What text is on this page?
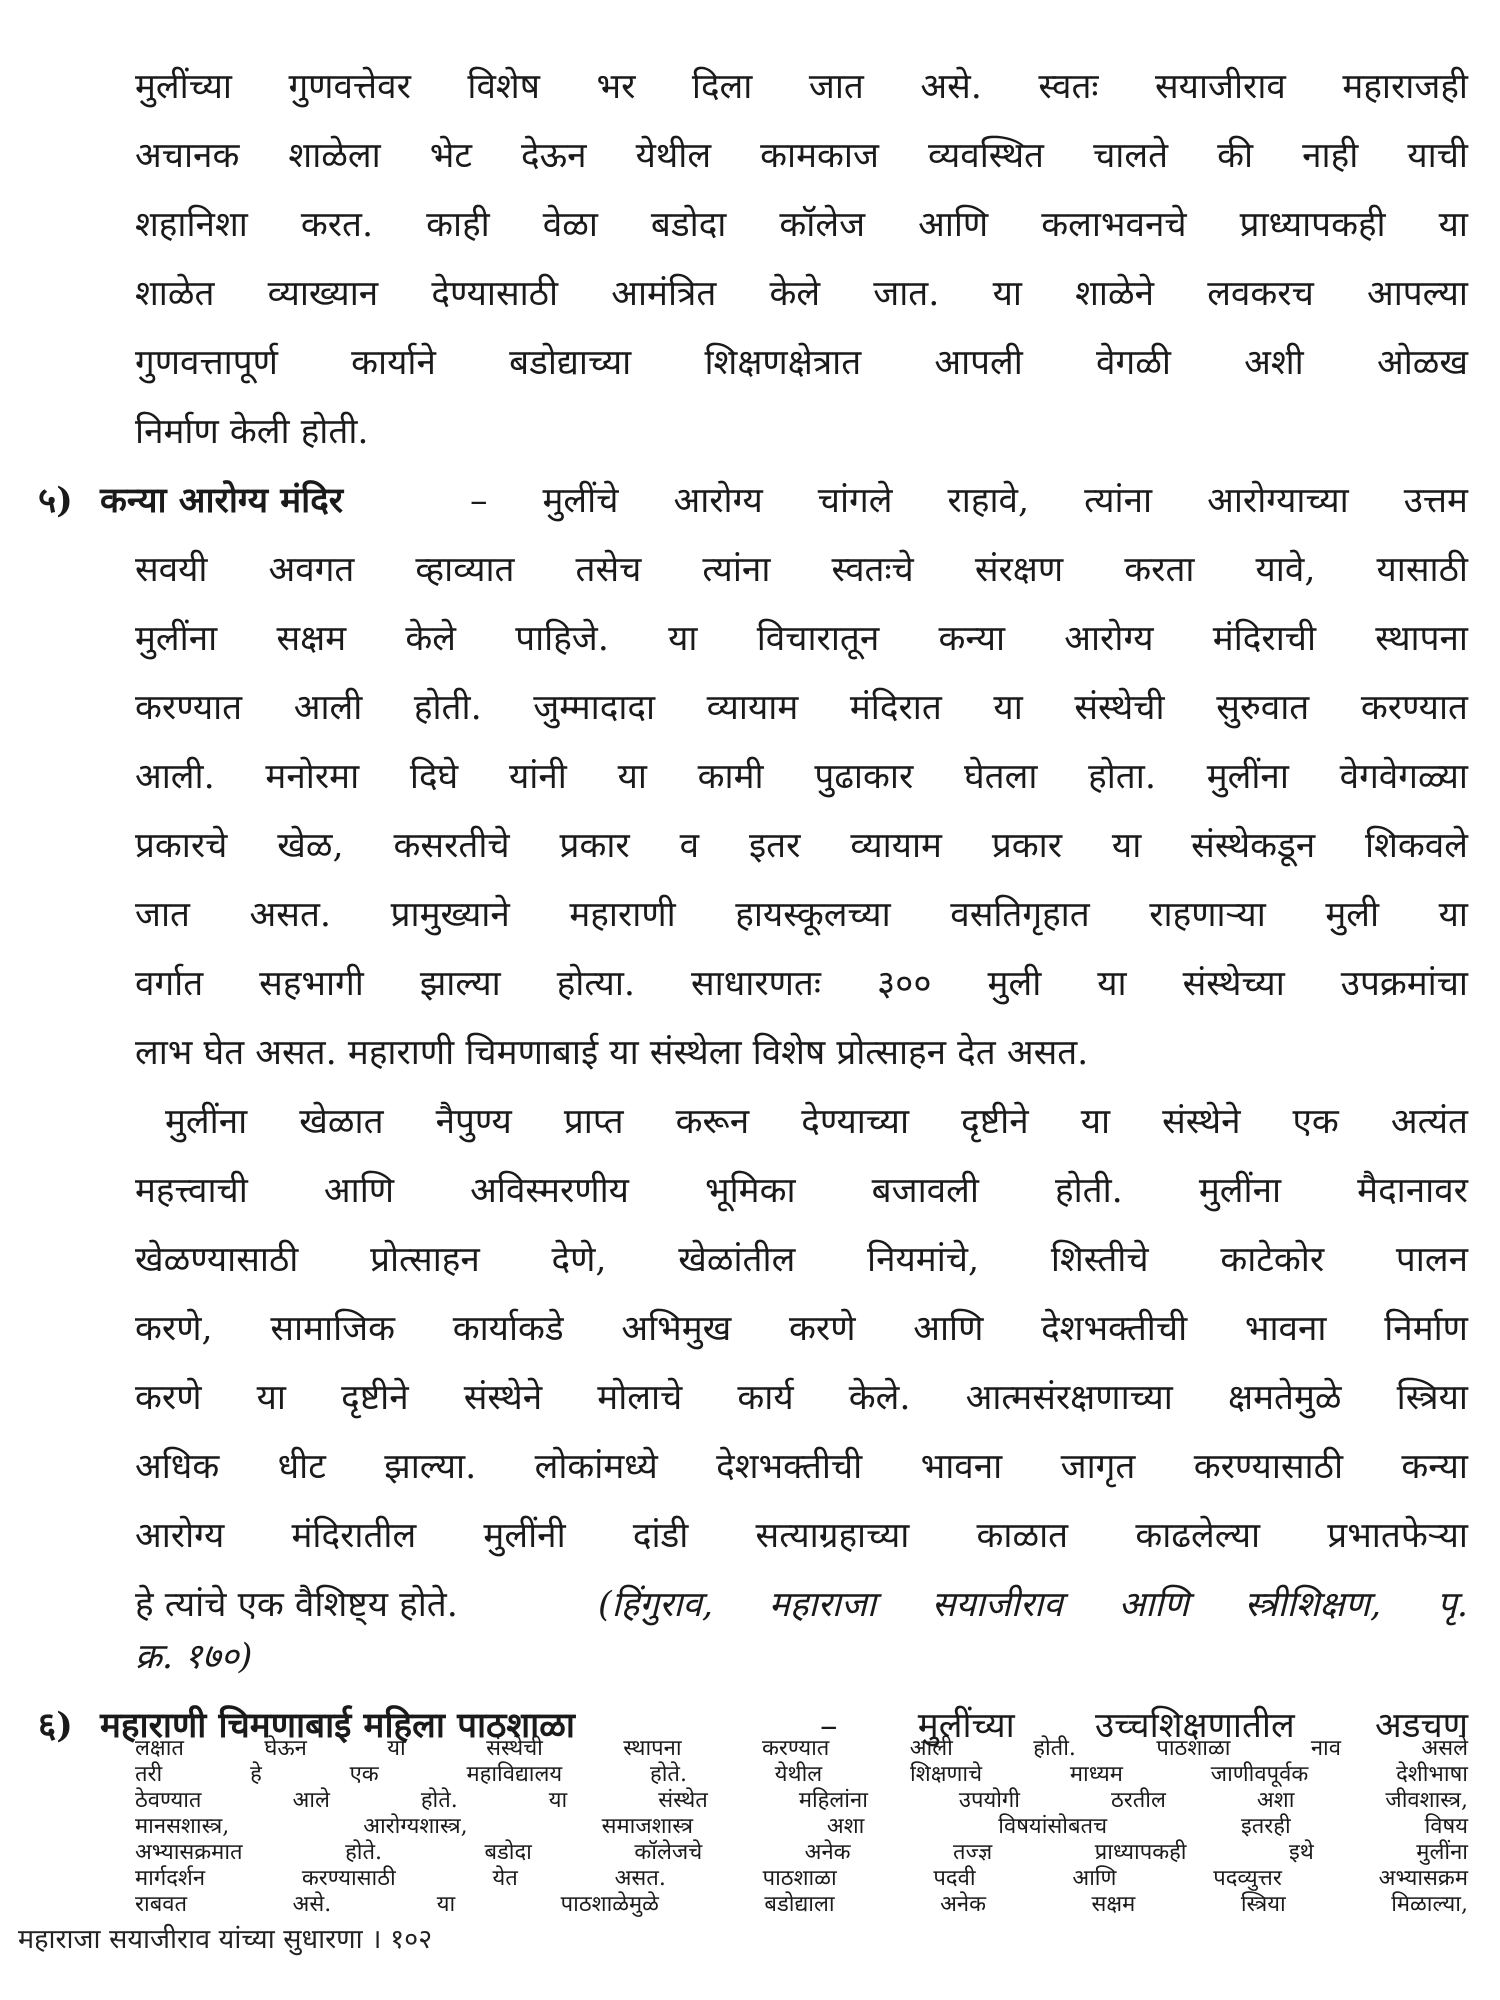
मुलींच्या गुणवत्तेवर विशेष भर दिला जात असे. स्वतः सयाजीराव महाराजही
अचानक शाळेला भेट देऊन येथील कामकाज व्यवस्थित चालते की नाही याची
शहानिशा करत. काही वेळा बडोदा कॉलेज आणि कलाभवनचे प्राध्यापकही या
शाळेत व्याख्यान देण्यासाठी आमंत्रित केले जात. या शाळेने लवकरच आपल्या
गुणवत्तापूर्ण कार्याने बडोद्याच्या शिक्षणक्षेत्रात आपली वेगळी अशी ओळख
निर्माण केली होती.
५) कन्या आरोग्य मंदिर	– मुलींचे आरोग्य चांगले राहावे, त्यांना आरोग्याच्या उत्तम
सवयी अवगत व्हाव्यात तसेच त्यांना स्वतःचे संरक्षण करता यावे, यासाठी
मुलींना सक्षम केले पाहिजे. या विचारातून कन्या आरोग्य मंदिराची स्थापना
करण्यात आली होती. जुम्मादादा व्यायाम मंदिरात या संस्थेची सुरुवात करण्यात
आली. मनोरमा दिघे यांनी या कामी पुढाकार घेतला होता. मुलींना वेगवेगळ्या
प्रकारचे खेळ, कसरतीचे प्रकार व इतर व्यायाम प्रकार या संस्थेकडून शिकवले
जात असत. प्रामुख्याने महाराणी हायस्कूलच्या वसतिगृहात राहणाऱ्या मुली या
वर्गात सहभागी झाल्या होत्या. साधारणतः ३०० मुली या संस्थेच्या उपक्रमांचा
लाभ घेत असत. महाराणी चिमणाबाई या संस्थेला विशेष प्रोत्साहन देत असत.
मुलींना खेळात नैपुण्य प्राप्त करून देण्याच्या दृष्टीने या संस्थेने एक अत्यंत
महत्त्वाची आणि अविस्मरणीय भूमिका बजावली होती. मुलींना मैदानावर
खेळण्यासाठी प्रोत्साहन देणे, खेळांतील नियमांचे, शिस्तीचे काटेकोर पालन
करणे, सामाजिक कार्याकडे अभिमुख करणे आणि देशभक्तीची भावना निर्माण
करणे या दृष्टीने संस्थेने मोलाचे कार्य केले. आत्मसंरक्षणाच्या क्षमतेमुळे स्त्रिया
अधिक धीट झाल्या. लोकांमध्ये देशभक्तीची भावना जागृत करण्यासाठी कन्या
आरोग्य मंदिरातील मुलींनी दांडी सत्याग्रहाच्या काळात काढलेल्या प्रभातफेऱ्या
हे त्यांचे एक वैशिष्ट्य होते.	(हिंगुराव, महाराजा सयाजीराव आणि स्त्रीशिक्षण, पृ.
क्र. १७०)
६) महाराणी चिमणाबाई महिला पाठशाळा	– मुलींच्या उच्चशिक्षणातील अडचण
लक्षात घेऊन या संस्थेची स्थापना करण्यात आली होती. पाठशाळा नाव असले
तरी हे एक महाविद्यालय होते. येथील शिक्षणाचे माध्यम जाणीवपूर्वक देशीभाषा
ठेवण्यात आले होते. या संस्थेत महिलांना उपयोगी ठरतील अशा जीवशास्त्र,
मानसशास्त्र, आरोग्यशास्त्र, समाजशास्त्र अशा विषयांसोबतच इतरही विषय
अभ्यासक्रमात होते. बडोदा कॉलेजचे अनेक तज्ज्ञ प्राध्यापकही इथे मुलींना
मार्गदर्शन करण्यासाठी येत असत. पाठशाळा पदवी आणि पदव्युत्तर अभ्यासक्रम
राबवत असे. या पाठशाळेमुळे बडोद्याला अनेक सक्षम स्त्रिया मिळाल्या,
महाराजा सयाजीराव यांच्या सुधारणा । १०२
